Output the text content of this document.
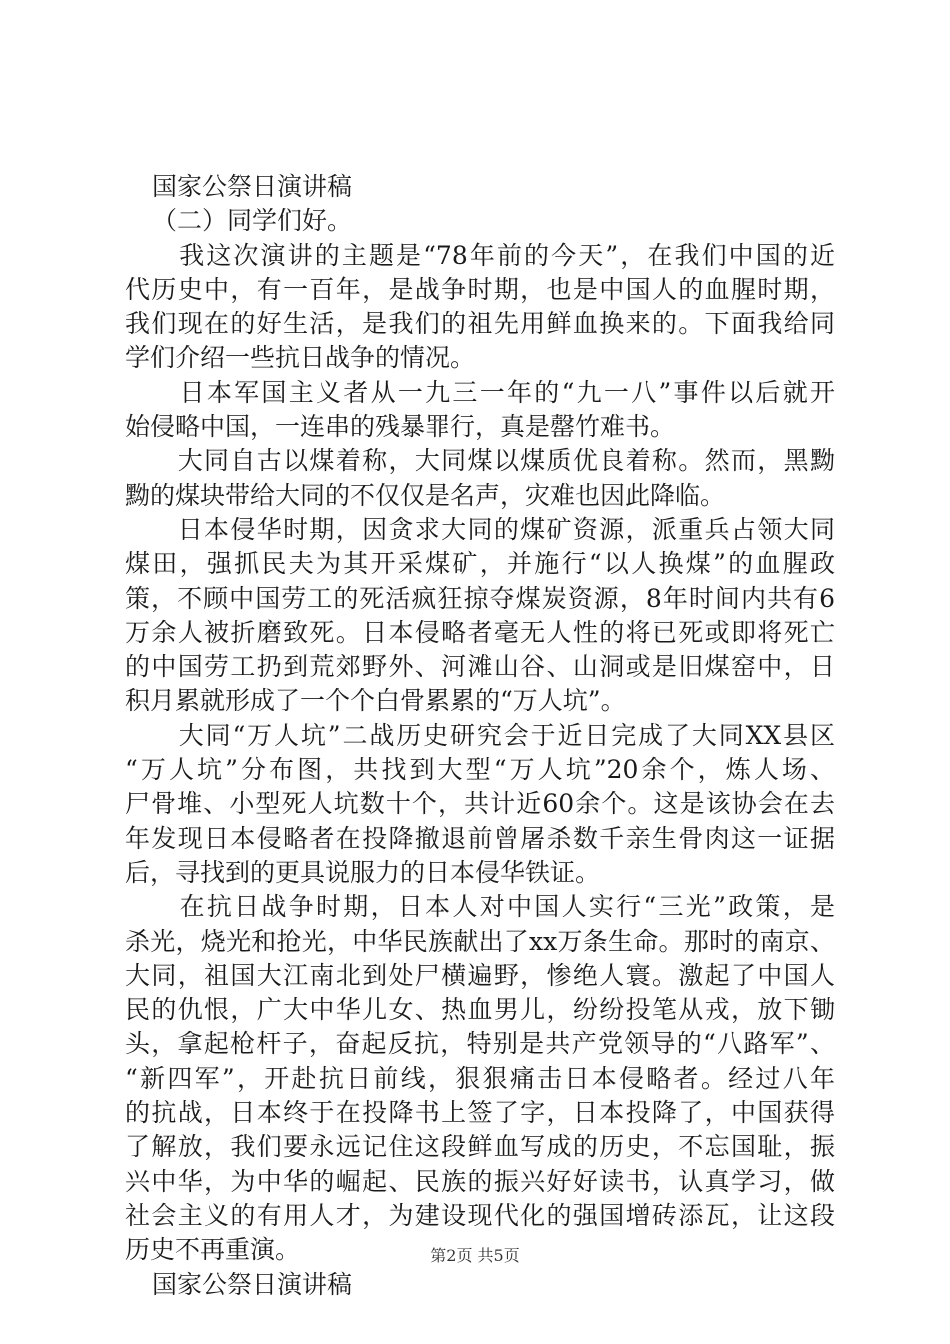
国家公祭日演讲稿
（二）同学们好。
　　我这次演讲的主题是“78年前的今天”，在我们中国的近
代历史中，有一百年，是战争时期，也是中国人的血腥时期，
我们现在的好生活，是我们的祖先用鲜血换来的。下面我给同
学们介绍一些抗日战争的情况。
　　日本军国主义者从一九三一年的“九一八”事件以后就开
始侵略中国，一连串的残暴罪行，真是罄竹难书。
　　大同自古以煤着称，大同煤以煤质优良着称。然而，黑黝
黝的煤块带给大同的不仅仅是名声，灾难也因此降临。
　　日本侵华时期，因贪求大同的煤矿资源，派重兵占领大同
煤田，强抓民夫为其开采煤矿，并施行“以人换煤”的血腥政
策，不顾中国劳工的死活疯狂掠夺煤炭资源，8年时间内共有6
万余人被折磨致死。日本侵略者毫无人性的将已死或即将死亡
的中国劳工扔到荒郊野外、河滩山谷、山洞或是旧煤窑中，日
积月累就形成了一个个白骨累累的“万人坑”。
　　大同“万人坑”二战历史研究会于近日完成了大同XX县区
“万人坑”分布图，共找到大型“万人坑”20余个，炼人场、
尸骨堆、小型死人坑数十个，共计近60余个。这是该协会在去
年发现日本侵略者在投降撤退前曾屠杀数千亲生骨肉这一证据
后，寻找到的更具说服力的日本侵华铁证。
　　在抗日战争时期，日本人对中国人实行“三光”政策，是
杀光，烧光和抢光，中华民族献出了xx万条生命。那时的南京、
大同，祖国大江南北到处尸横遍野，惨绝人寰。激起了中国人
民的仇恨，广大中华儿女、热血男儿，纷纷投笔从戎，放下锄
头，拿起枪杆子，奋起反抗，特别是共产党领导的“八路军”、
“新四军”，开赴抗日前线，狠狠痛击日本侵略者。经过八年
的抗战，日本终于在投降书上签了字，日本投降了，中国获得
了解放，我们要永远记住这段鲜血写成的历史，不忘国耻，振
兴中华，为中华的崛起、民族的振兴好好读书，认真学习，做
社会主义的有用人才，为建设现代化的强国增砖添瓦，让这段
历史不再重演。
国家公祭日演讲稿
第2页 共5页
